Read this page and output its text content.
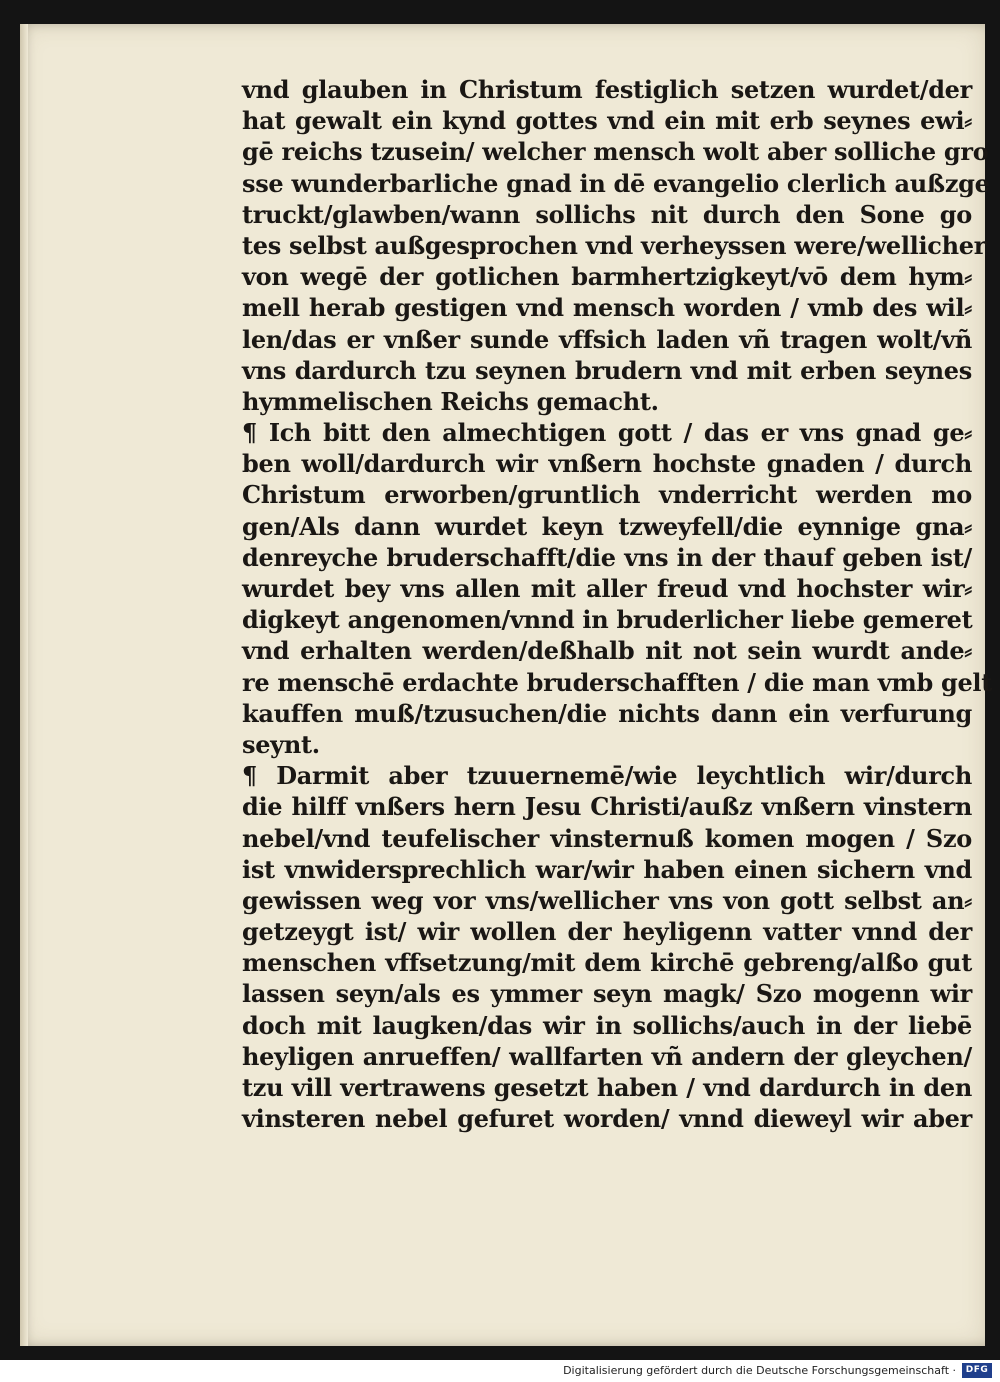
vnd glauben in Christum festiglich setzen wurdet/der
hat gewalt ein kynd gottes vnd ein mit erb seynes ewi⸗
gē reichs tzusein/ welcher mensch wolt aber solliche gro
sse wunderbarliche gnad in dē evangelio clerlich außzge
truckt/glawben/wann sollichs nit durch den Sone go
tes selbst außgesprochen vnd verheyssen were/wellicher
von wegē der gotlichen barmhertzigkeyt/vō dem hym⸗
mell herab gestigen vnd mensch worden / vmb des wil⸗
len/das er vnßer sunde vffsich laden vñ tragen wolt/vñ
vns dardurch tzu seynen brudern vnd mit erben seynes
hymmelischen Reichs gemacht.
¶ Ich bitt den almechtigen gott / das er vns gnad ge⸗
ben woll/dardurch wir vnßern hochste gnaden / durch
Christum erworben/gruntlich vnderricht werden mo
gen/Als dann wurdet keyn tzweyfell/die eynnige gna⸗
denreyche bruderschafft/die vns in der thauf geben ist/
wurdet bey vns allen mit aller freud vnd hochster wir⸗
digkeyt angenomen/vnnd in bruderlicher liebe gemeret
vnd erhalten werden/deßhalb nit not sein wurdt ande⸗
re menschē erdachte bruderschafften / die man vmb gelt
kauffen muß/tzusuchen/die nichts dann ein verfurung
seynt.
¶ Darmit aber tzuuernemē/wie leychtlich wir/durch
die hilff vnßers hern Jesu Christi/außz vnßern vinstern
nebel/vnd teufelischer vinsternuß komen mogen / Szo
ist vnwidersprechlich war/wir haben einen sichern vnd
gewissen weg vor vns/wellicher vns von gott selbst an⸗
getzeygt ist/ wir wollen der heyligenn vatter vnnd der
menschen vffsetzung/mit dem kirchē gebreng/alßo gut
lassen seyn/als es ymmer seyn magk/ Szo mogenn wir
doch mit laugken/das wir in sollichs/auch in der liebē
heyligen anrueffen/ wallfarten vñ andern der gleychen/
tzu vill vertrawens gesetzt haben / vnd dardurch in den
vinsteren nebel gefuret worden/ vnnd dieweyl wir aber
Digitalisierung gefördert durch die Deutsche Forschungsgemeinschaft ·	DFG
